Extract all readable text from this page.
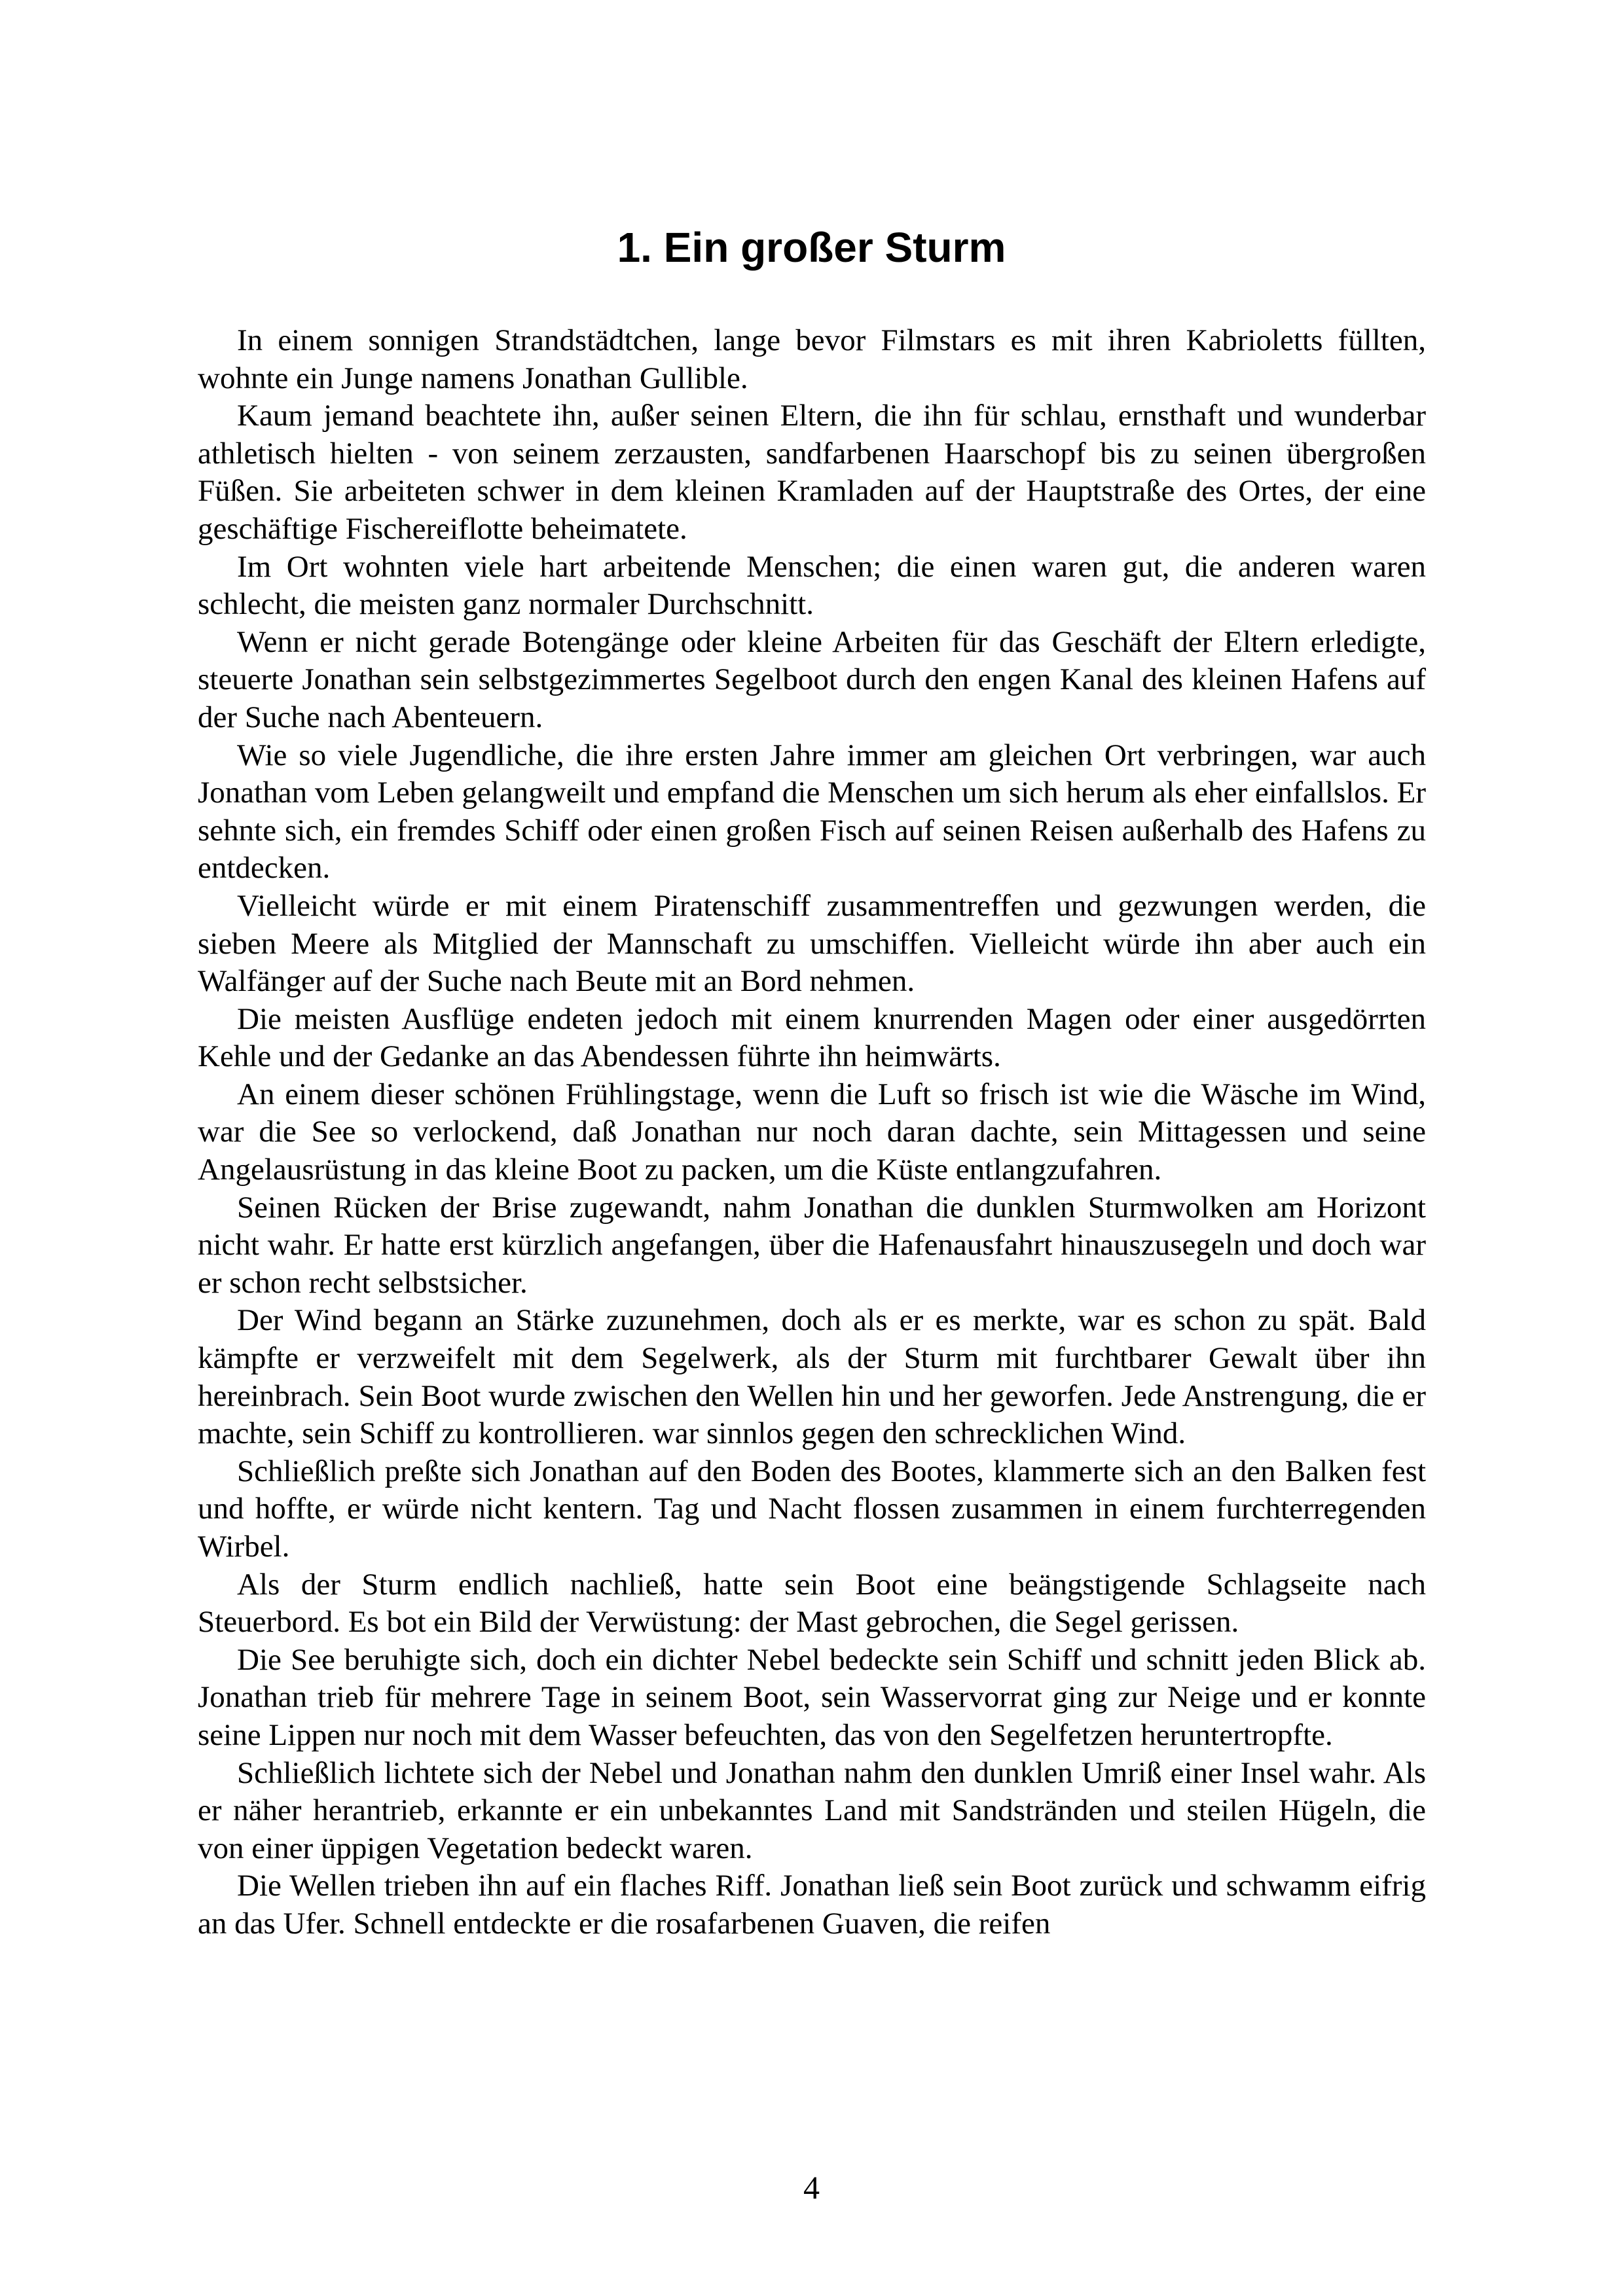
1. Ein großer Sturm

In einem sonnigen Strandstädtchen, lange bevor Filmstars es mit ihren Kabrioletts füllten, wohnte ein Junge namens Jonathan Gullible.

Kaum jemand beachtete ihn, außer seinen Eltern, die ihn für schlau, ernsthaft und wunderbar athletisch hielten - von seinem zerzausten, sandfarbenen Haarschopf bis zu seinen übergroßen Füßen. Sie arbeiteten schwer in dem kleinen Kramladen auf der Hauptstraße des Ortes, der eine geschäftige Fischereiflotte beheimatete.

Im Ort wohnten viele hart arbeitende Menschen; die einen waren gut, die anderen waren schlecht, die meisten ganz normaler Durchschnitt.

Wenn er nicht gerade Botengänge oder kleine Arbeiten für das Geschäft der Eltern erledigte, steuerte Jonathan sein selbstgezimmertes Segelboot durch den engen Kanal des kleinen Hafens auf der Suche nach Abenteuern.

Wie so viele Jugendliche, die ihre ersten Jahre immer am gleichen Ort verbringen, war auch Jonathan vom Leben gelangweilt und empfand die Menschen um sich herum als eher einfallslos. Er sehnte sich, ein fremdes Schiff oder einen großen Fisch auf seinen Reisen außerhalb des Hafens zu entdecken.

Vielleicht würde er mit einem Piratenschiff zusammentreffen und gezwungen werden, die sieben Meere als Mitglied der Mannschaft zu umschiffen. Vielleicht würde ihn aber auch ein Walfänger auf der Suche nach Beute mit an Bord nehmen.

Die meisten Ausflüge endeten jedoch mit einem knurrenden Magen oder einer ausgedörrten Kehle und der Gedanke an das Abendessen führte ihn heimwärts.

An einem dieser schönen Frühlingstage, wenn die Luft so frisch ist wie die Wäsche im Wind, war die See so verlockend, daß Jonathan nur noch daran dachte, sein Mittagessen und seine Angelausrüstung in das kleine Boot zu packen, um die Küste entlangzufahren.

Seinen Rücken der Brise zugewandt, nahm Jonathan die dunklen Sturmwolken am Horizont nicht wahr. Er hatte erst kürzlich angefangen, über die Hafenausfahrt hinauszusegeln und doch war er schon recht selbstsicher.

Der Wind begann an Stärke zuzunehmen, doch als er es merkte, war es schon zu spät. Bald kämpfte er verzweifelt mit dem Segelwerk, als der Sturm mit furchtbarer Gewalt über ihn hereinbrach. Sein Boot wurde zwischen den Wellen hin und her geworfen. Jede Anstrengung, die er machte, sein Schiff zu kontrollieren. war sinnlos gegen den schrecklichen Wind.

Schließlich preßte sich Jonathan auf den Boden des Bootes, klammerte sich an den Balken fest und hoffte, er würde nicht kentern. Tag und Nacht flossen zusammen in einem furchterregenden Wirbel.

Als der Sturm endlich nachließ, hatte sein Boot eine beängstigende Schlagseite nach Steuerbord. Es bot ein Bild der Verwüstung: der Mast gebrochen, die Segel gerissen.

Die See beruhigte sich, doch ein dichter Nebel bedeckte sein Schiff und schnitt jeden Blick ab. Jonathan trieb für mehrere Tage in seinem Boot, sein Wasservorrat ging zur Neige und er konnte seine Lippen nur noch mit dem Wasser befeuchten, das von den Segelfetzen heruntertropfte.

Schließlich lichtete sich der Nebel und Jonathan nahm den dunklen Umriß einer Insel wahr. Als er näher herantrieb, erkannte er ein unbekanntes Land mit Sandstränden und steilen Hügeln, die von einer üppigen Vegetation bedeckt waren.

Die Wellen trieben ihn auf ein flaches Riff. Jonathan ließ sein Boot zurück und schwamm eifrig an das Ufer. Schnell entdeckte er die rosafarbenen Guaven, die reifen

4
